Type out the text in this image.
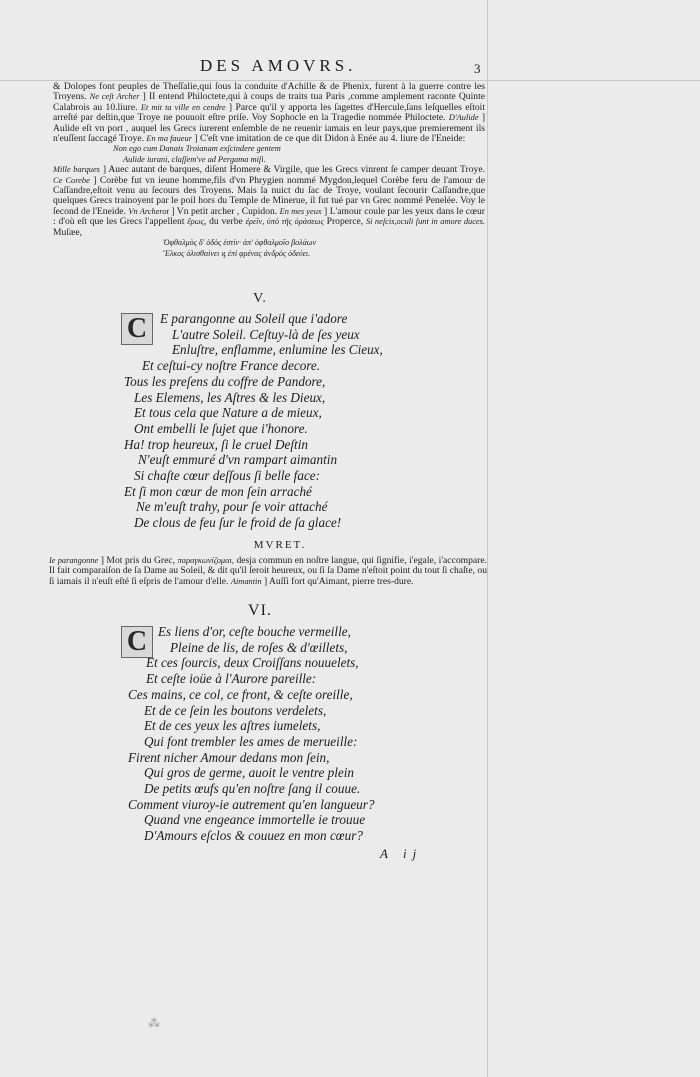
DES AMOVRS.	3

& Dolopes font peuples de Theſſalie,qui ſous la conduite d'Achille & de Phenix, furent à la guerre contre les Troyens. Ne ceſt Archer ] II entend Philoctete,qui à coups de traits tua Paris ,comme amplement raconte Quinte Calabrois au 10.liure. Et mit ta ville en cendre ] Parce qu'il y apporta les ſagettes d'Hercule,ſans leſquelles eſtoit arreſté par deſtin,que Troye ne pouuoit eſtre priſe. Voy Sophocle en la Tragedie nommée Philoctete. D'Aulide ] Aulide eſt vn port , auquel les Grecs iurerent enſemble de ne reuenir iamais en leur pays,que premierement ils n'euſſent ſaccagé Troye. En ma faueur ] C'eſt vne imitation de ce que dit Didon à Enée au 4. liure de l'Eneide:

Non ego cum Danais Troianam exſcindere gentem

Aulide iurani, claſſem've ad Pergama miſi.

Mille barques ] Auec autant de barques, diſent Homere & Virgile, que les Grecs vinrent ſe camper deuant Troye. Ce Corebe ] Corèbe fut vn ieune homme,fils d'vn Phrygien nommé Mygdon,lequel Corèbe feru de l'amour de Caſſandre,eſtoit venu au ſecours des Troyens. Mais la nuict du ſac de Troye, voulant ſecourir Caſſandre,que quelques Grecs trainoyent par le poil hors du Temple de Minerue, il fut tué par vn Grec nommé Penelée. Voy le ſecond de l'Eneide. Vn Archerot ] Vn petit archer , Cupidon. En mes yeux ] L'amour coule par les yeux dans le cœur : d'où eſt que les Grecs l'appellent ἔρως, du verbe ἐρεῖν, ὑπὸ τῆς ὁράσεως Properce, Si neſcis,oculi ſunt in amore duces. Muſæe,

Ὀφθαλμὸς δ' ὁδὸς ἐστίν· ἀπ' ὀφθαλμοῖο βολάων

Ἕλκος ὀλισθαίνει ϗ ἐπὶ φρένας ἀνδρὸς ὁδεύει.

V.
C E parangonne au Soleil que i'adore
L'autre Soleil. Ceſtuy-là de ſes yeux
Enluſtre, enflamme, enlumine les Cieux,
Et ceſtui-cy noſtre France decore.
Tous les preſens du coffre de Pandore,
Les Elemens, les Aſtres & les Dieux,
Et tous cela que Nature a de mieux,
Ont embelli le ſujet que i'honore.
Ha! trop heureux, ſi le cruel Deſtin
N'euſt emmuré d'vn rampart aimantin
Si chaſte cœur deſſous ſi belle face:
Et ſi mon cœur de mon ſein arraché
Ne m'euſt trahy, pour ſe voir attaché
De clous de feu ſur le froid de ſa glace!
MVRET.

Ie parangonne ] Mot pris du Grec, παραγκωνίζομαι, desja commun en noſtre langue, qui ſignifie, i'egale, i'accompare. Il fait comparaiſon de ſa Dame au Soleil, & dit qu'il ſeroit heureux, ou ſi ſa Dame n'eſtoit point du tout ſi chaſte, ou ſi iamais il n'euſt eſté ſi eſpris de l'amour d'elle. Aimantin ] Auſſi fort qu'Aimant, pierre tres-dure.

VI.
C Es liens d'or, ceſte bouche vermeille,
Pleine de lis, de roſes & d'œillets,
Et ces ſourcis, deux Croiſſans nouuelets,
Et ceſte ioüe à l'Aurore pareille:
Ces mains, ce col, ce front, & ceſte oreille,
Et de ce ſein les boutons verdelets,
Et de ces yeux les aſtres iumelets,
Qui font trembler les ames de merueille:
Firent nicher Amour dedans mon ſein,
Qui gros de germe, auoit le ventre plein
De petits œufs qu'en noſtre ſang il couue.
Comment viuroy-ie autrement qu'en langueur?
Quand vne engeance immortelle ie trouue
D'Amours eſclos & couuez en mon cœur?
A ij
⁂
